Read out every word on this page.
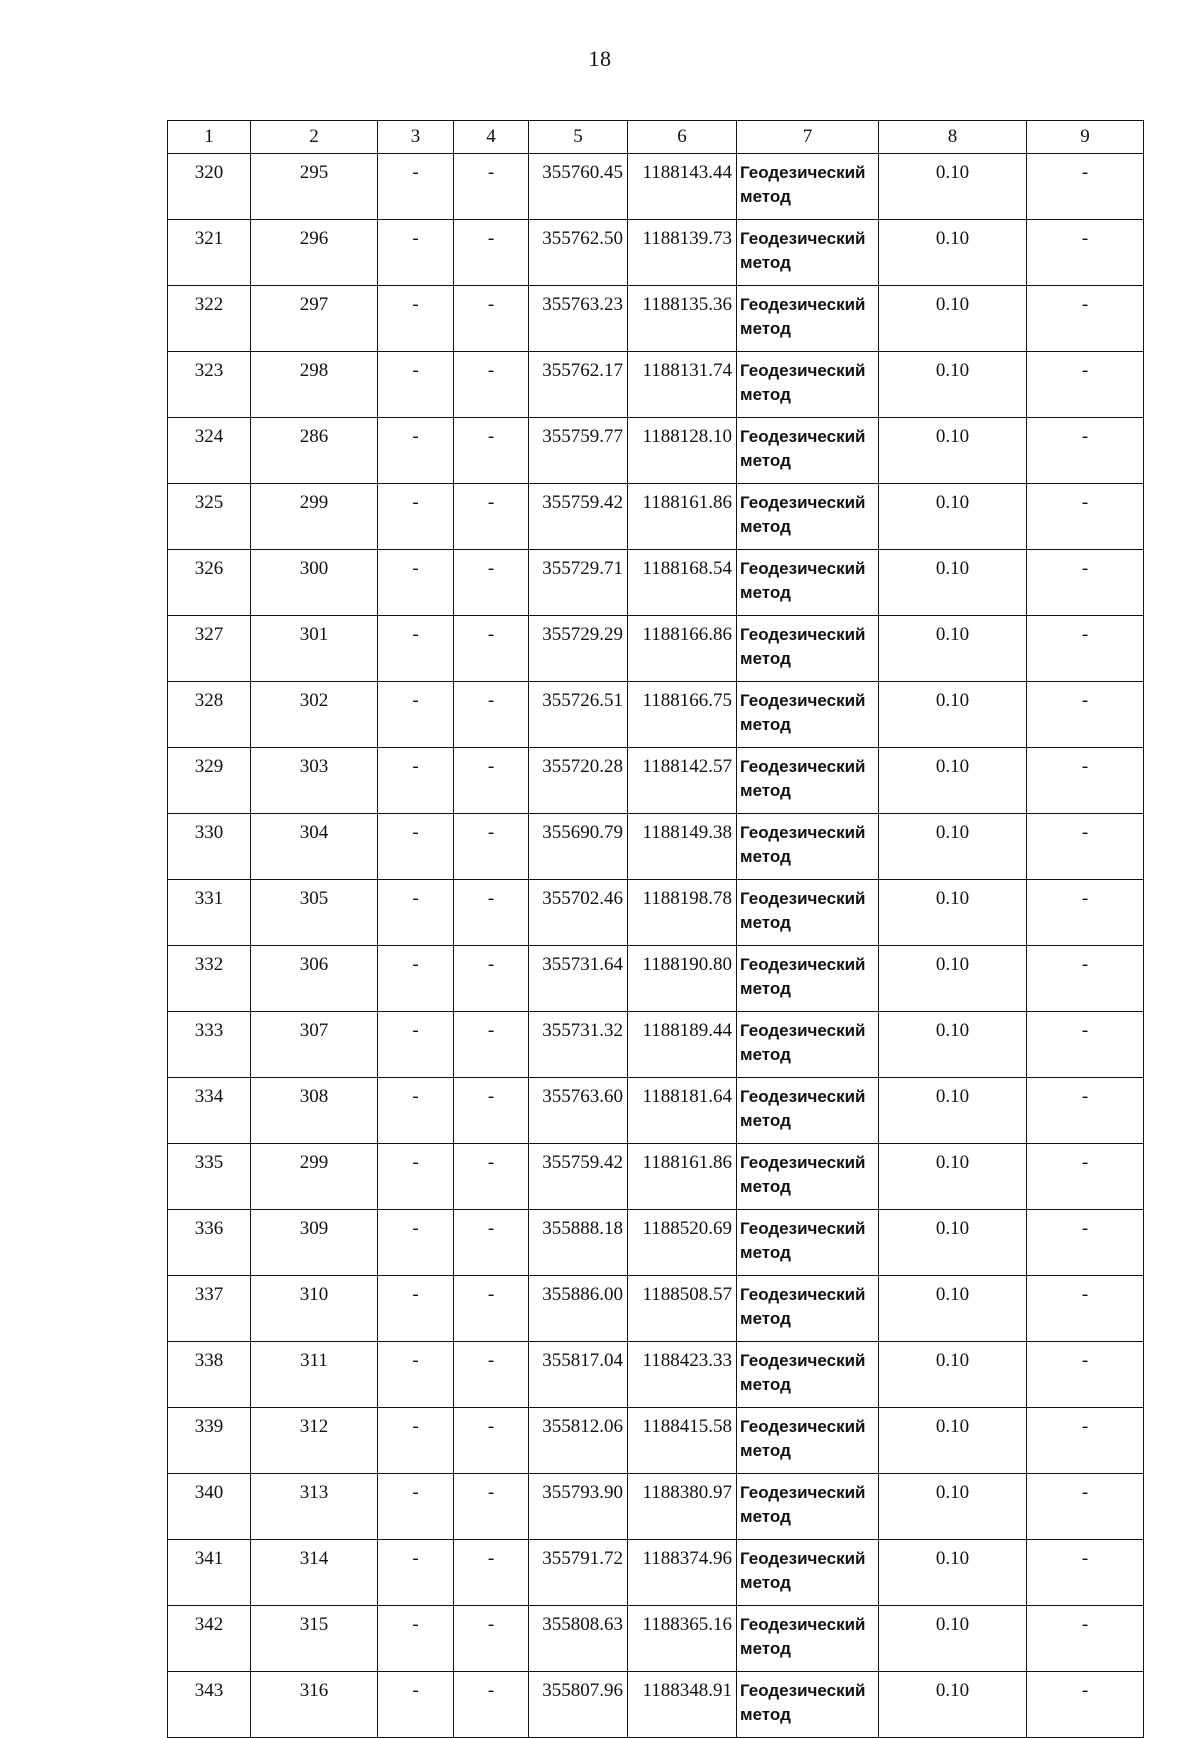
18
1	2	3	4	5	6	7	8	9
320	295	-	-	355760.45	1188143.44	Геодезический метод	0.10	-
321	296	-	-	355762.50	1188139.73	Геодезический метод	0.10	-
322	297	-	-	355763.23	1188135.36	Геодезический метод	0.10	-
323	298	-	-	355762.17	1188131.74	Геодезический метод	0.10	-
324	286	-	-	355759.77	1188128.10	Геодезический метод	0.10	-
325	299	-	-	355759.42	1188161.86	Геодезический метод	0.10	-
326	300	-	-	355729.71	1188168.54	Геодезический метод	0.10	-
327	301	-	-	355729.29	1188166.86	Геодезический метод	0.10	-
328	302	-	-	355726.51	1188166.75	Геодезический метод	0.10	-
329	303	-	-	355720.28	1188142.57	Геодезический метод	0.10	-
330	304	-	-	355690.79	1188149.38	Геодезический метод	0.10	-
331	305	-	-	355702.46	1188198.78	Геодезический метод	0.10	-
332	306	-	-	355731.64	1188190.80	Геодезический метод	0.10	-
333	307	-	-	355731.32	1188189.44	Геодезический метод	0.10	-
334	308	-	-	355763.60	1188181.64	Геодезический метод	0.10	-
335	299	-	-	355759.42	1188161.86	Геодезический метод	0.10	-
336	309	-	-	355888.18	1188520.69	Геодезический метод	0.10	-
337	310	-	-	355886.00	1188508.57	Геодезический метод	0.10	-
338	311	-	-	355817.04	1188423.33	Геодезический метод	0.10	-
339	312	-	-	355812.06	1188415.58	Геодезический метод	0.10	-
340	313	-	-	355793.90	1188380.97	Геодезический метод	0.10	-
341	314	-	-	355791.72	1188374.96	Геодезический метод	0.10	-
342	315	-	-	355808.63	1188365.16	Геодезический метод	0.10	-
343	316	-	-	355807.96	1188348.91	Геодезический метод	0.10	-
